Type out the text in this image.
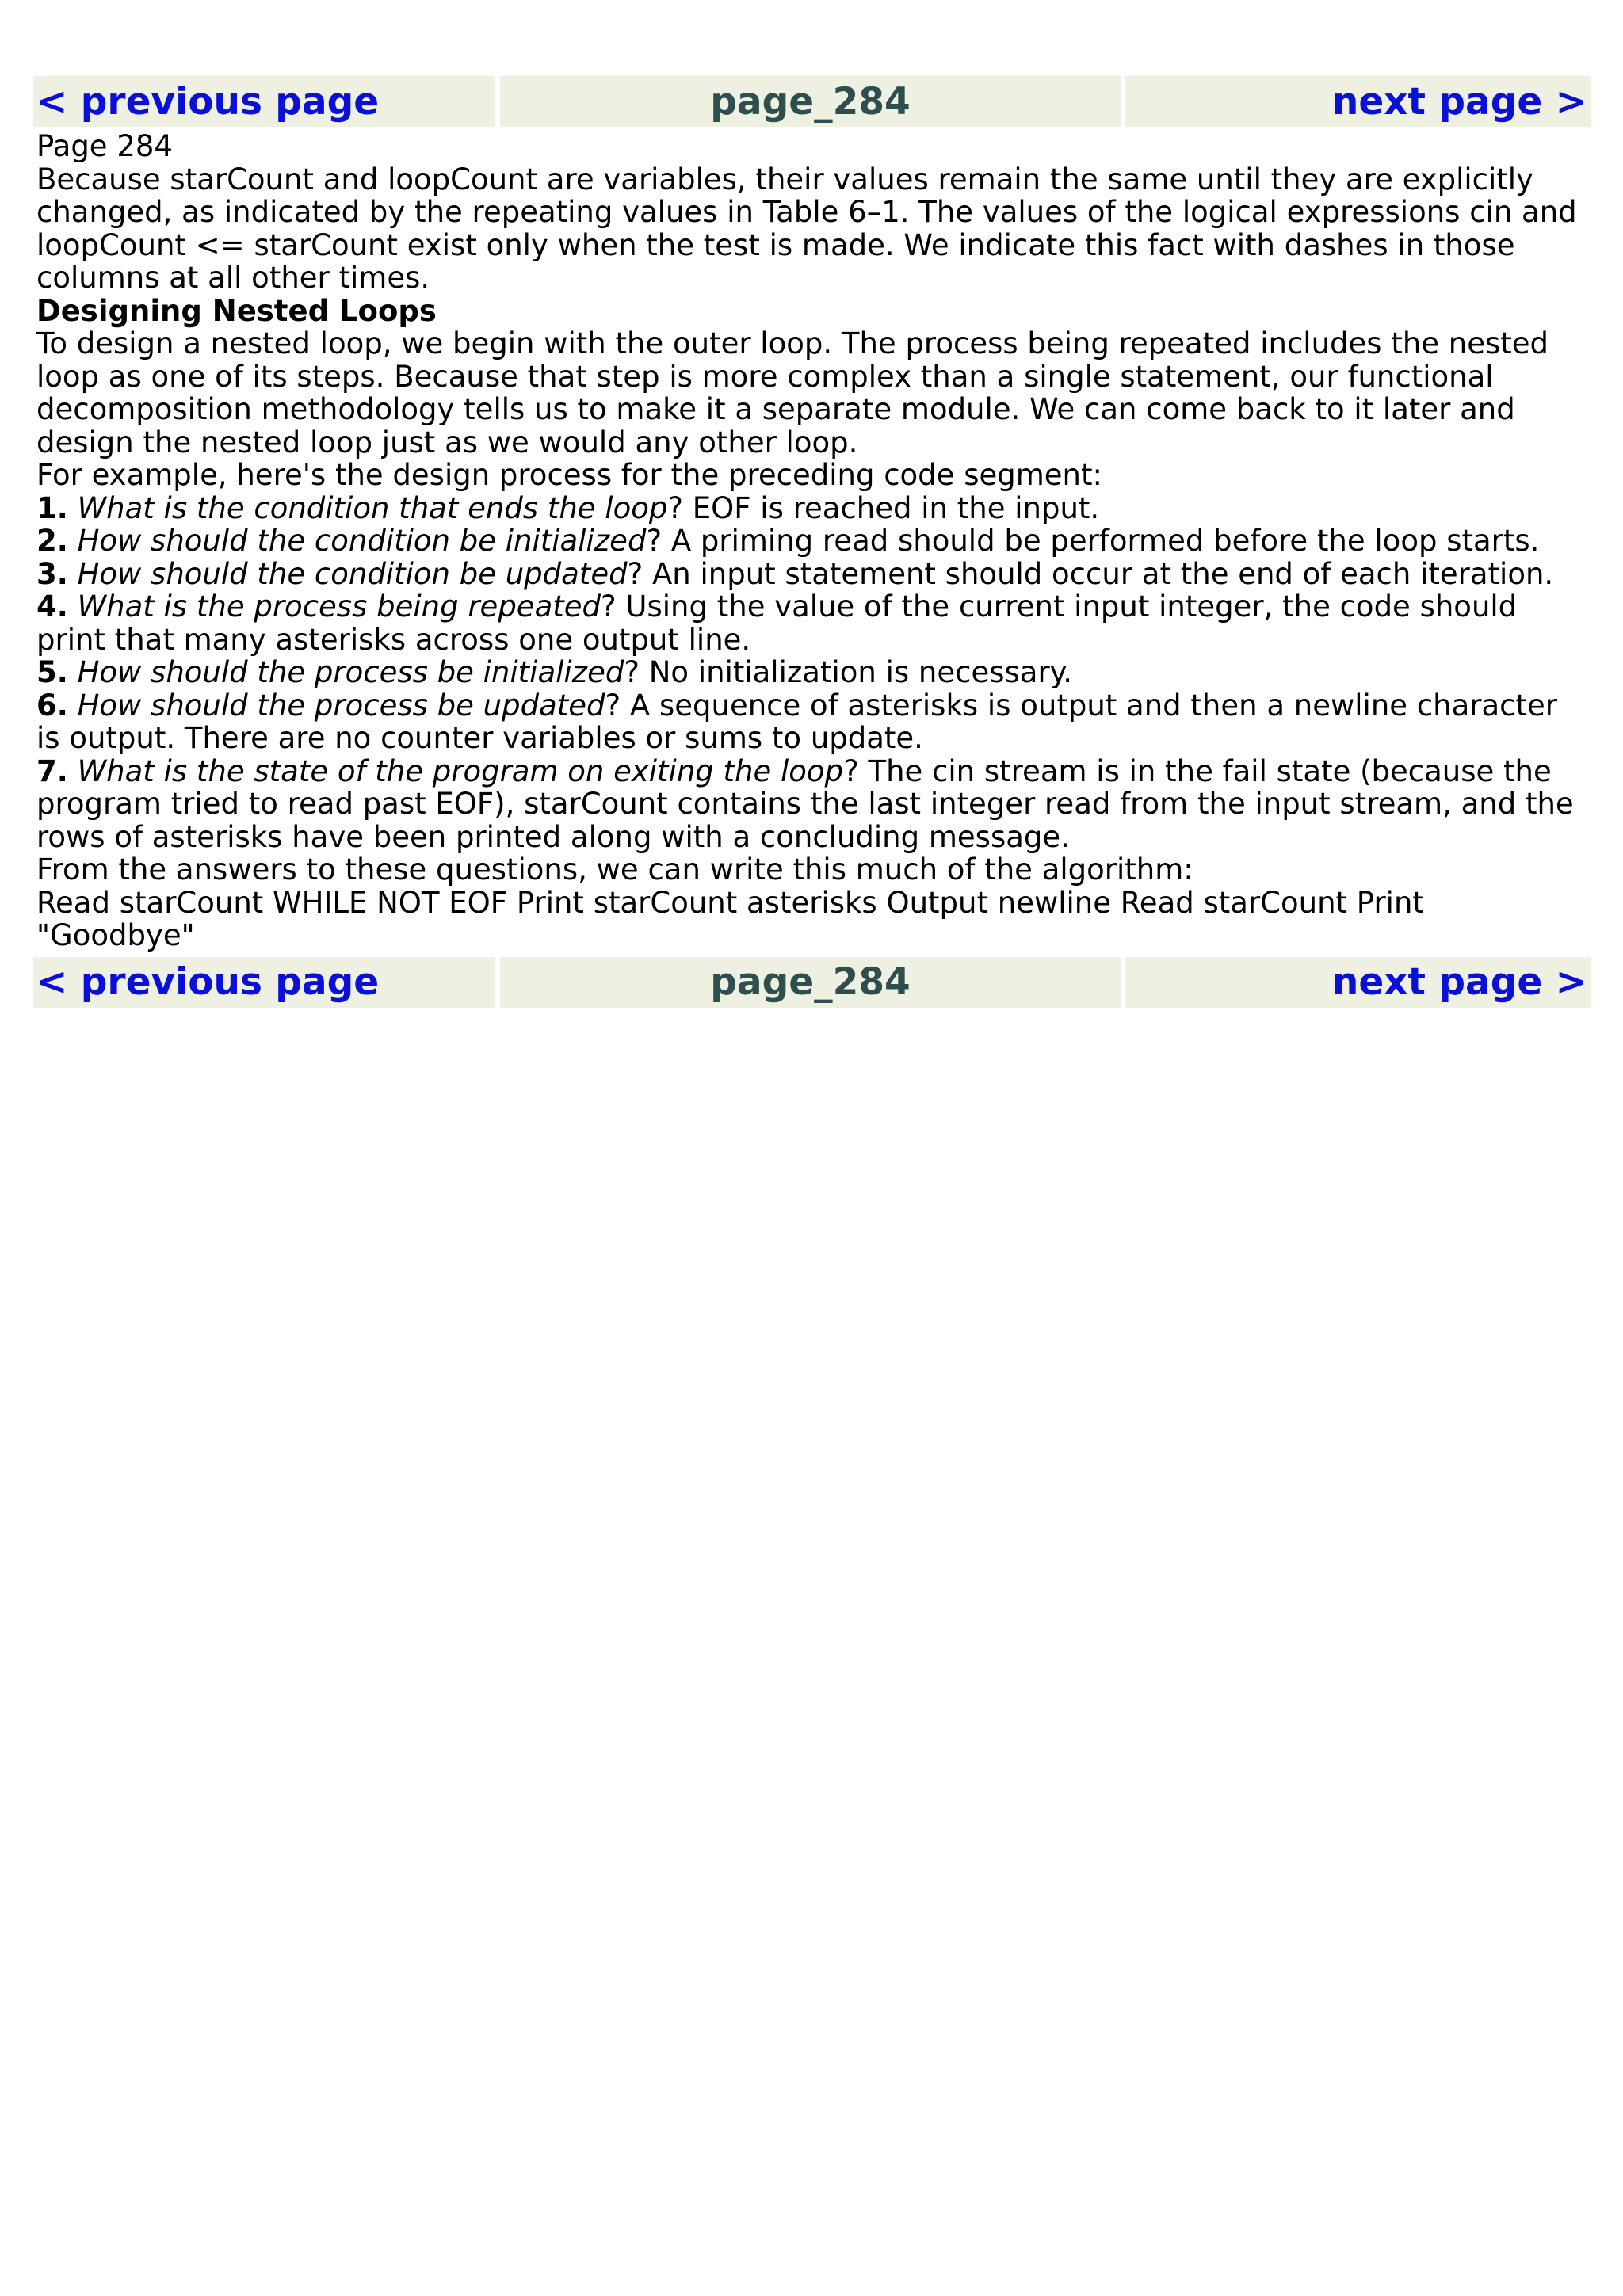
< previous page	page_284	next page >

Page 284

Because starCount and loopCount are variables, their values remain the same until they are explicitly changed, as indicated by the repeating values in Table 6–1. The values of the logical expressions cin and loopCount <= starCount exist only when the test is made. We indicate this fact with dashes in those columns at all other times.

Designing Nested Loops

To design a nested loop, we begin with the outer loop. The process being repeated includes the nested loop as one of its steps. Because that step is more complex than a single statement, our functional decomposition methodology tells us to make it a separate module. We can come back to it later and design the nested loop just as we would any other loop.

For example, here's the design process for the preceding code segment:

1. What is the condition that ends the loop? EOF is reached in the input.

2. How should the condition be initialized? A priming read should be performed before the loop starts.

3. How should the condition be updated? An input statement should occur at the end of each iteration.

4. What is the process being repeated? Using the value of the current input integer, the code should print that many asterisks across one output line.

5. How should the process be initialized? No initialization is necessary.

6. How should the process be updated? A sequence of asterisks is output and then a newline character is output. There are no counter variables or sums to update.

7. What is the state of the program on exiting the loop? The cin stream is in the fail state (because the program tried to read past EOF), starCount contains the last integer read from the input stream, and the rows of asterisks have been printed along with a concluding message.

From the answers to these questions, we can write this much of the algorithm:

Read starCount WHILE NOT EOF Print starCount asterisks Output newline Read starCount Print "Goodbye"

< previous page	page_284	next page >
